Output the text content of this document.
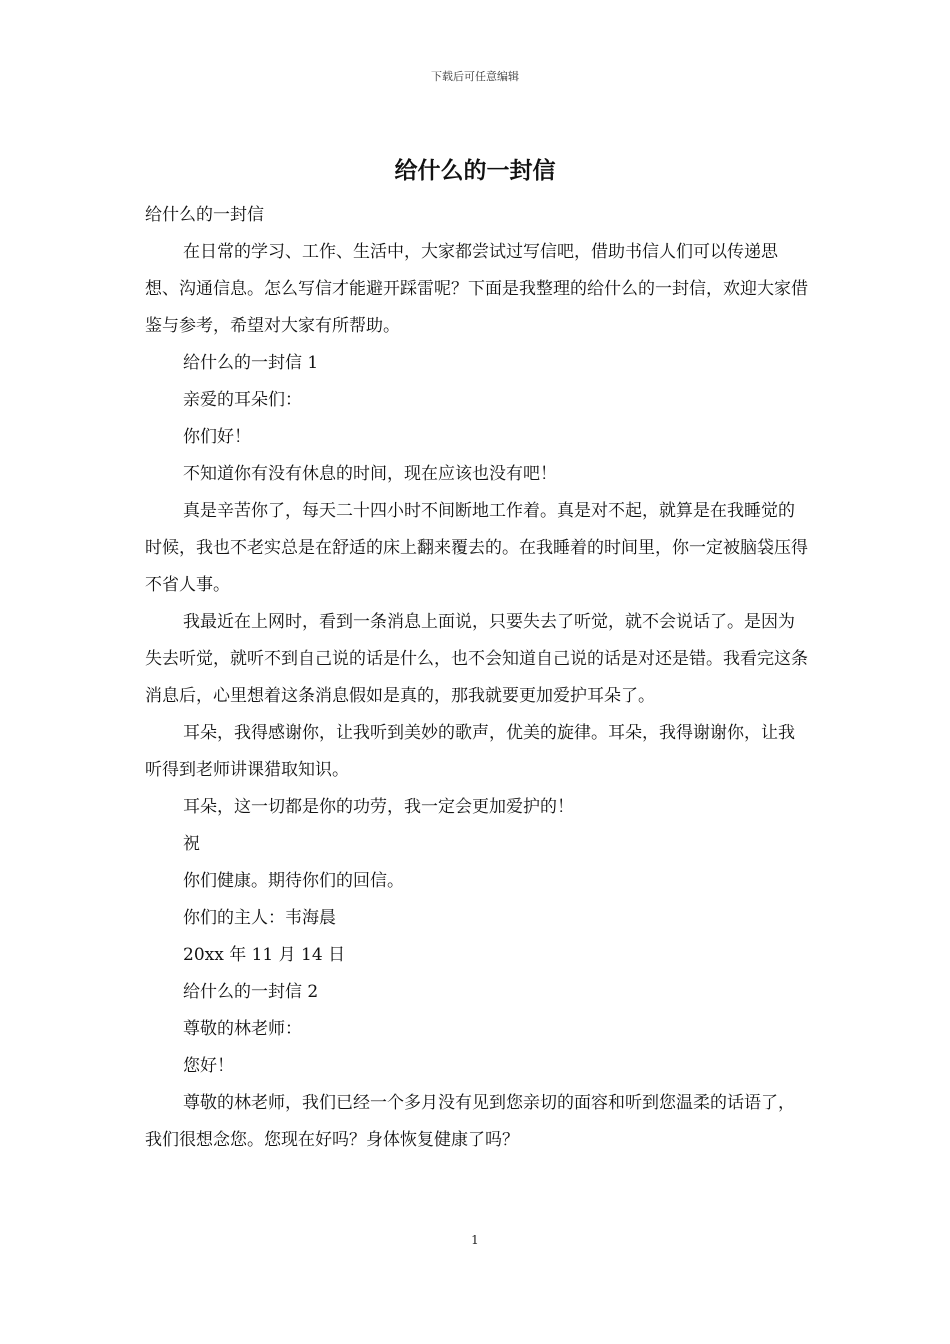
下载后可任意编辑
给什么的一封信

给什么的一封信

在日常的学习、工作、生活中，大家都尝试过写信吧，借助书信人们可以传递思想、沟通信息。怎么写信才能避开踩雷呢？下面是我整理的给什么的一封信，欢迎大家借鉴与参考，希望对大家有所帮助。

给什么的一封信 1

亲爱的耳朵们：

你们好！

不知道你有没有休息的时间，现在应该也没有吧！

真是辛苦你了，每天二十四小时不间断地工作着。真是对不起，就算是在我睡觉的时候，我也不老实总是在舒适的床上翻来覆去的。在我睡着的时间里，你一定被脑袋压得不省人事。

我最近在上网时，看到一条消息上面说，只要失去了听觉，就不会说话了。是因为失去听觉，就听不到自己说的话是什么，也不会知道自己说的话是对还是错。我看完这条消息后，心里想着这条消息假如是真的，那我就要更加爱护耳朵了。

耳朵，我得感谢你，让我听到美妙的歌声，优美的旋律。耳朵，我得谢谢你，让我听得到老师讲课猎取知识。

耳朵，这一切都是你的功劳，我一定会更加爱护的！

祝

你们健康。期待你们的回信。

你们的主人：韦海晨

20xx 年 11 月 14 日

给什么的一封信 2

尊敬的林老师：

您好！

尊敬的林老师，我们已经一个多月没有见到您亲切的面容和听到您温柔的话语了，我们很想念您。您现在好吗？身体恢复健康了吗？

1
